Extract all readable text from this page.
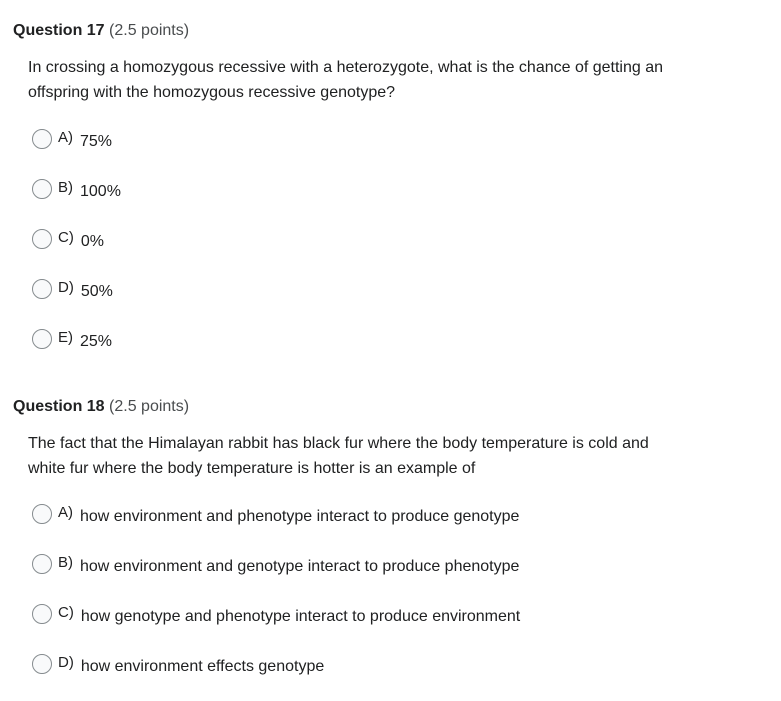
Question 17 (2.5 points)
In crossing a homozygous recessive with a heterozygote, what is the chance of getting an offspring with the homozygous recessive genotype?
A) 75%
B) 100%
C) 0%
D) 50%
E) 25%
Question 18 (2.5 points)
The fact that the Himalayan rabbit has black fur where the body temperature is cold and white fur where the body temperature is hotter is an example of
A) how environment and phenotype interact to produce genotype
B) how environment and genotype interact to produce phenotype
C) how genotype and phenotype interact to produce environment
D) how environment effects genotype
